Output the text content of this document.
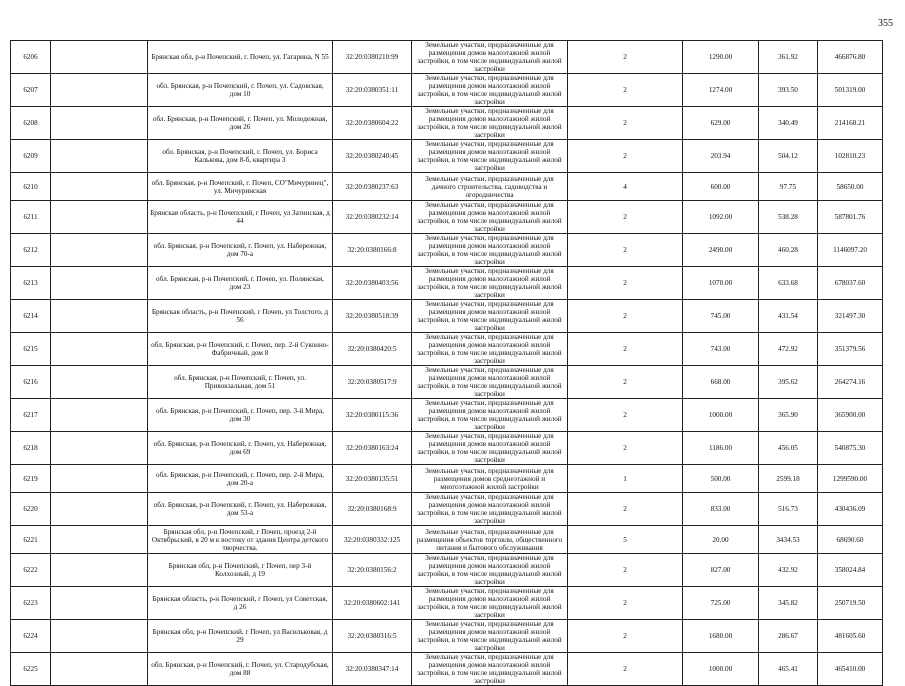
355
6206		Брянская обл, р-н Почепский, г. Почеп, ул. Гагарина, N 55	32:20:0380210:99	Земельные участки, предназначенные для размещения домов малоэтажной жилой застройки, в том числе индивидуальной жилой застройки	2	1290.00	361.92	466876.80
6207		обл. Брянская, р-н Почепский, г. Почеп, ул. Садовская, дом 10	32:20:0380351:11	Земельные участки, предназначенные для размещения домов малоэтажной жилой застройки, в том числе индивидуальной жилой застройки	2	1274.00	393.50	501319.00
6208		обл. Брянская, р-н Почепский, г. Почеп, ул. Молодежная, дом 26	32:20:0380604:22	Земельные участки, предназначенные для размещения домов малоэтажной жилой застройки, в том числе индивидуальной жилой застройки	2	629.00	340.49	214168.21
6209		обл. Брянская, р-н Почепский, г. Почеп, ул. Бориса Калькова, дом 8-б, квартира 3	32:20:0380240:45	Земельные участки, предназначенные для размещения домов малоэтажной жилой застройки, в том числе индивидуальной жилой застройки	2	203.94	504.12	102810.23
6210		обл. Брянская, р-н Почепский, г. Почеп, СО"Мичуринец", ул. Мичуринская	32:20:0380237:63	Земельные участки, предназначенные для дачного строительства, садоводства и огородничества	4	600.00	97.75	58650.00
6211		Брянская область, р-н Почепский, г Почеп, ул Затинская, д 44	32:20:0380232:14	Земельные участки, предназначенные для размещения домов малоэтажной жилой застройки, в том числе индивидуальной жилой застройки	2	1092.00	538.28	587801.76
6212		обл. Брянская, р-н Почепский, г. Почеп, ул. Набережная, дом 70-а	32:20:0380166:8	Земельные участки, предназначенные для размещения домов малоэтажной жилой застройки, в том числе индивидуальной жилой застройки	2	2490.00	460.28	1146097.20
6213		обл. Брянская, р-н Почепский, г. Почеп, ул. Полянская, дом 23	32:20:0380403:56	Земельные участки, предназначенные для размещения домов малоэтажной жилой застройки, в том числе индивидуальной жилой застройки	2	1070.00	633.68	678037.60
6214		Брянская область, р-н Почепский, г Почеп, ул Толстого, д 56	32:20:0380518:39	Земельные участки, предназначенные для размещения домов малоэтажной жилой застройки, в том числе индивидуальной жилой застройки	2	745.00	431.54	321497.30
6215		обл. Брянская, р-н Почепский, г. Почеп, пер. 2-й Суконно-Фабричный, дом 8	32:20:0380420:5	Земельные участки, предназначенные для размещения домов малоэтажной жилой застройки, в том числе индивидуальной жилой застройки	2	743.00	472.92	351379.56
6216		обл. Брянская, р-н Почепский, г. Почеп, ул. Привокзальная, дом 51	32:20:0380517:9	Земельные участки, предназначенные для размещения домов малоэтажной жилой застройки, в том числе индивидуальной жилой застройки	2	668.00	395.62	264274.16
6217		обл. Брянская, р-н Почепский, г. Почеп, пер. 3-й Мира, дом 30	32:20:0380115:36	Земельные участки, предназначенные для размещения домов малоэтажной жилой застройки, в том числе индивидуальной жилой застройки	2	1000.00	365.90	365900.00
6218		обл. Брянская, р-н Почепский, г. Почеп, ул. Набережная, дом 69	32:20:0380163:24	Земельные участки, предназначенные для размещения домов малоэтажной жилой застройки, в том числе индивидуальной жилой застройки	2	1186.00	456.05	540875.30
6219		обл. Брянская, р-н Почепский, г. Почеп, пер. 2-й Мира, дом 20-а	32:20:0380135:51	Земельные участки, предназначенные для размещения домов среднеэтажной и многоэтажной жилой застройки	1	500.00	2599.18	1299590.00
6220		обл. Брянская, р-н Почепский, г. Почеп, ул. Набережная, дом 53-а	32:20:0380168:9	Земельные участки, предназначенные для размещения домов малоэтажной жилой застройки, в том числе индивидуальной жилой застройки	2	833.00	516.73	430436.09
6221		Брянская обл, р-н Почепский, г Почеп, проезд 2-й Октябрьский, в 20 м к востоку от здания Центра детского творчества.	32:20:0380332:125	Земельные участки, предназначенные для размещения объектов торговли, общественного питания и бытового обслуживания	5	20.00	3434.53	68690.60
6222		Брянская обл, р-н Почепский, г Почеп, пер 3-й Колхозный, д 19	32:20:0380156:2	Земельные участки, предназначенные для размещения домов малоэтажной жилой застройки, в том числе индивидуальной жилой застройки	2	827.00	432.92	358024.84
6223		Брянская область, р-н Почепский, г Почеп, ул Советская, д 26	32:20:0380602:141	Земельные участки, предназначенные для размещения домов малоэтажной жилой застройки, в том числе индивидуальной жилой застройки	2	725.00	345.82	250719.50
6224		Брянская обл, р-н Почепский, г Почеп, ул Васильковая, д 29	32:20:0380316:5	Земельные участки, предназначенные для размещения домов малоэтажной жилой застройки, в том числе индивидуальной жилой застройки	2	1680.00	286.67	481605.60
6225		обл. Брянская, р-н Почепский, г. Почеп, ул. Стародубская, дом 88	32:20:0380347:14	Земельные участки, предназначенные для размещения домов малоэтажной жилой застройки, в том числе индивидуальной жилой застройки	2	1000.00	465.41	465410.00
